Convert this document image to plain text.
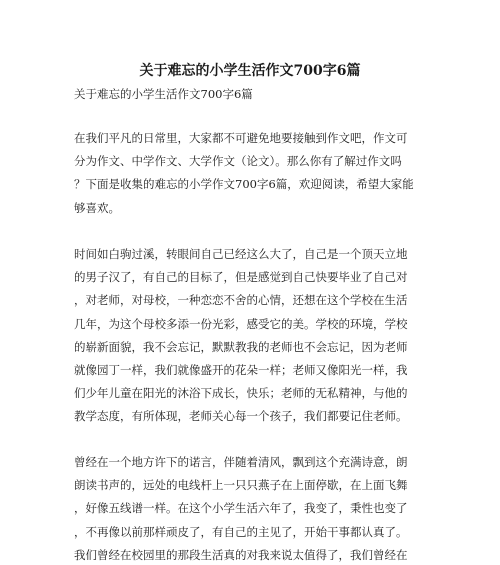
关于难忘的小学生活作文700字6篇
关于难忘的小学生活作文700字6篇
在我们平凡的日常里，大家都不可避免地要接触到作文吧，作文可
分为作文、中学作文、大学作文（论文）。那么你有了解过作文吗
？下面是收集的难忘的小学作文700字6篇，欢迎阅读，希望大家能
够喜欢。
时间如白驹过溪，转眼间自己已经这么大了，自己是一个顶天立地
的男子汉了，有自己的目标了，但是感觉到自己快要毕业了自己对
，对老师，对母校，一种恋恋不舍的心情，还想在这个学校在生活
几年，为这个母校多添一份光彩，感受它的美。学校的环境，学校
的崭新面貌，我不会忘记，默默教我的老师也不会忘记，因为老师
就像园丁一样，我们就像盛开的花朵一样；老师又像阳光一样，我
们少年儿童在阳光的沐浴下成长，快乐；老师的无私精神，与他的
教学态度，有所体现，老师关心每一个孩子，我们都要记住老师。
曾经在一个地方许下的诺言，伴随着清风，飘到这个充满诗意，朗
朗读书声的，远处的电线杆上一只只燕子在上面停歇，在上面飞舞
，好像五线谱一样。在这个小学生活六年了，我变了，秉性也变了
，不再像以前那样顽皮了，有自己的主见了，开始干事都认真了。
我们曾经在校园里的那段生活真的对我来说太值得了，我们曾经在
